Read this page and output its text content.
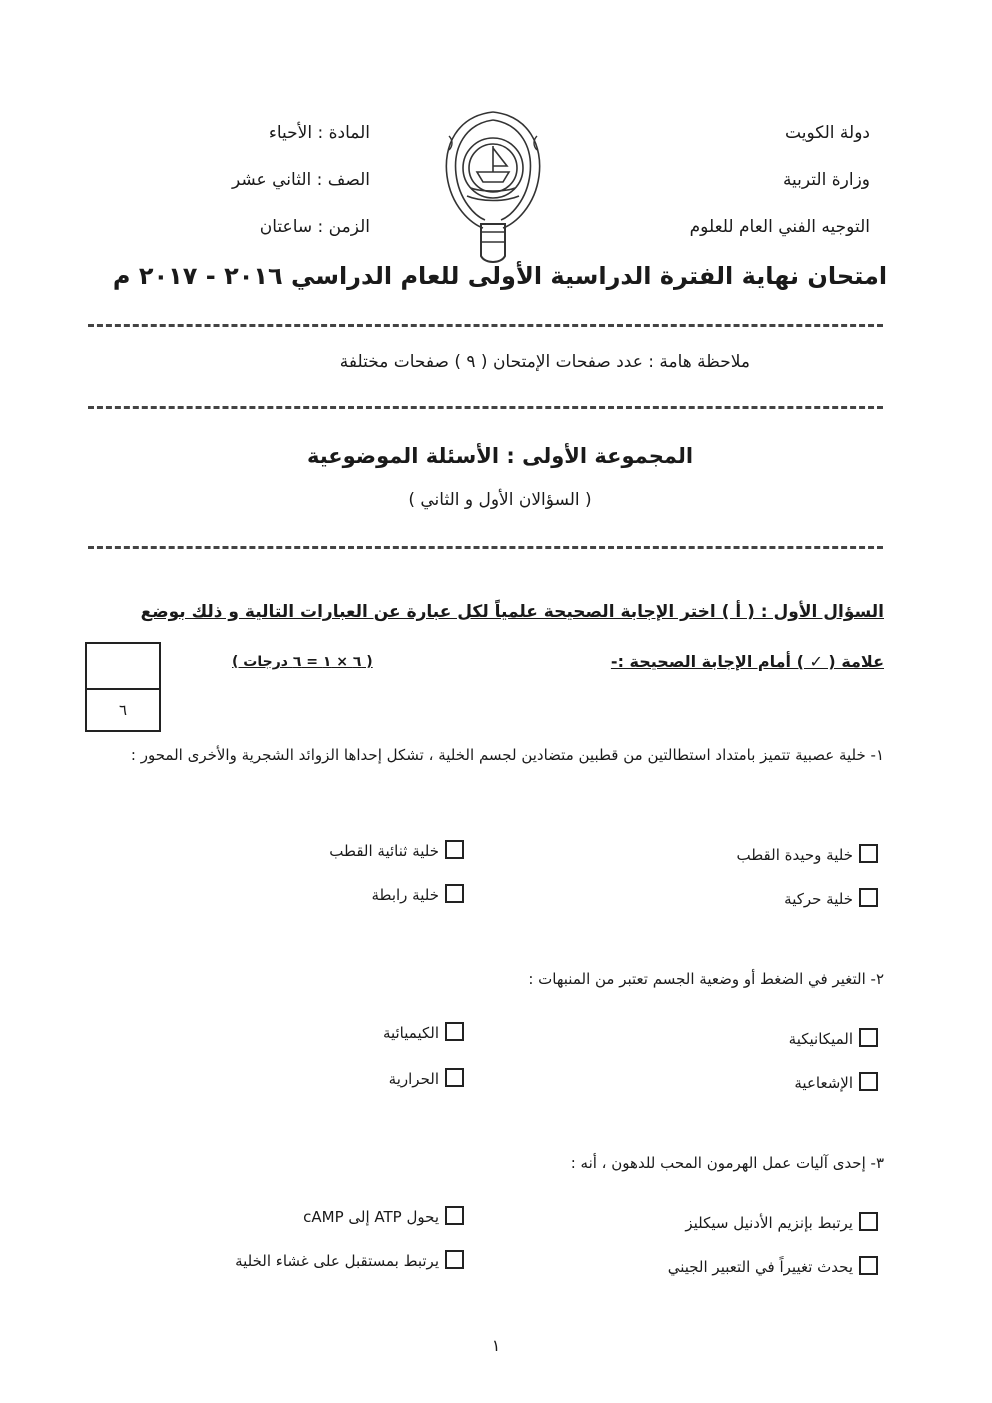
دولة الكويت
وزارة التربية
التوجيه الفني العام للعلوم
المادة : الأحياء
الصف : الثاني عشر
الزمن : ساعتان
امتحان نهاية الفترة الدراسية الأولى للعام الدراسي ٢٠١٦ - ٢٠١٧ م
ملاحظة هامة : عدد صفحات الإمتحان ( ٩ ) صفحات مختلفة
المجموعة الأولى : الأسئلة الموضوعية
( السؤالان الأول و الثاني )
السؤال الأول : ( أ ) اختر الإجابة الصحيحة علمياً لكل عبارة عن العبارات التالية و ذلك بوضع
علامة ( ✓ ) أمام الإجابة الصحيحة :-
( ٦ × ١ = ٦ درجات )
٦
١- خلية عصبية تتميز بامتداد استطالتين من قطبين متضادين لجسم الخلية ، تشكل إحداها الزوائد الشجرية والأخرى المحور :
خلية وحيدة القطب
خلية ثنائية القطب
خلية حركية
خلية رابطة
٢- التغير في الضغط أو وضعية الجسم تعتبر من المنبهات :
الميكانيكية
الكيميائية
الإشعاعية
الحرارية
٣- إحدى آليات عمل الهرمون المحب للدهون ، أنه :
يرتبط بإنزيم الأدنيل سيكليز
يحول ATP إلى cAMP
يحدث تغييراً في التعبير الجيني
يرتبط بمستقبل على غشاء الخلية
١
